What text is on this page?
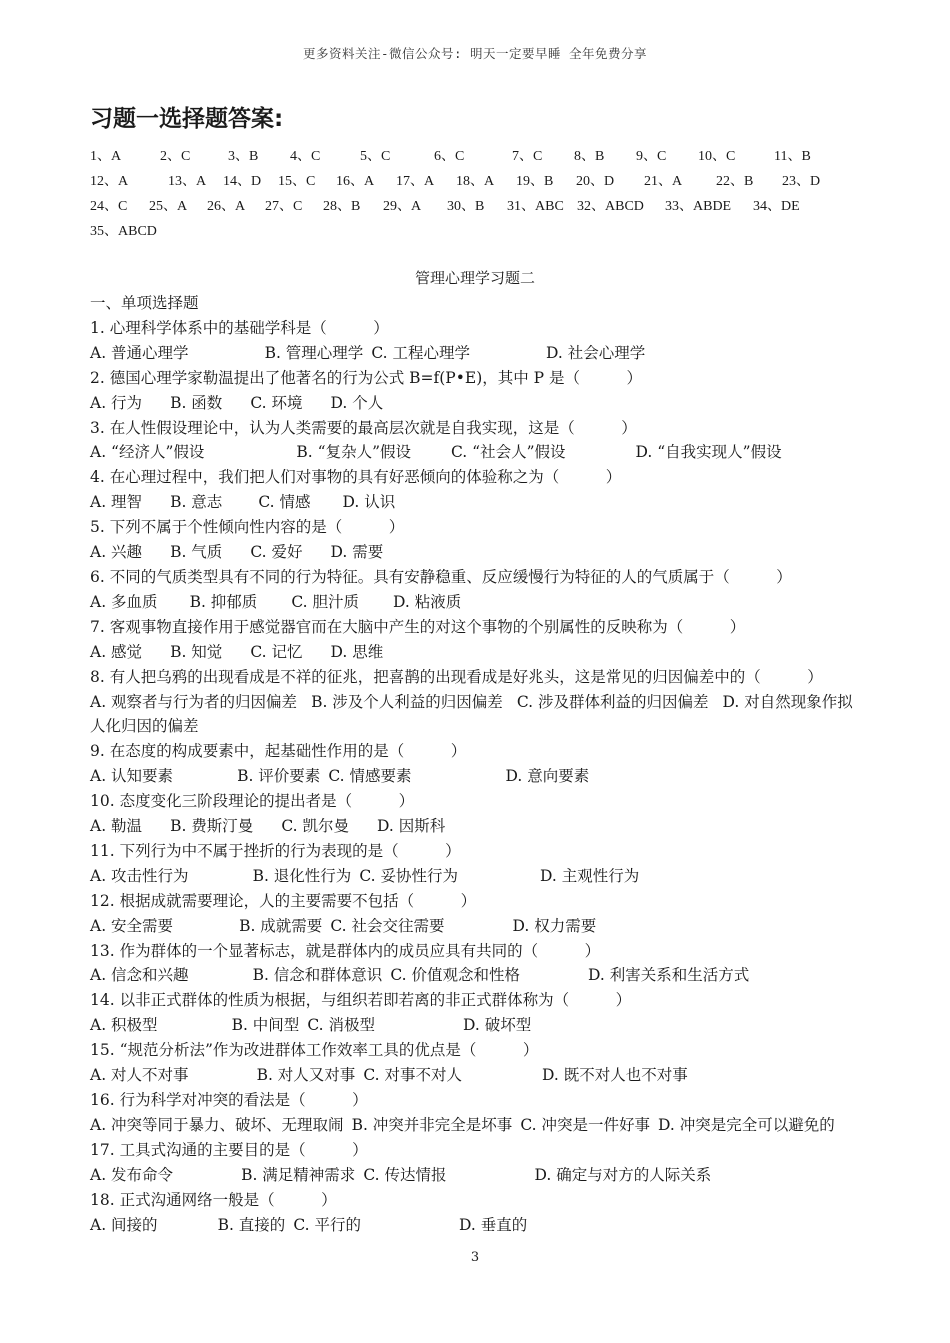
更多资料关注-微信公众号: 明天一定要早睡 全年免费分享
习题一选择题答案:
1、A	2、C	3、B	4、C	5、C	6、C	7、C	8、B	9、C	10、C	11、B
12、A	13、A	14、D	15、C	16、A	17、A	18、A	19、B	20、D	21、A	22、B	23、D
24、C	25、A	26、A	27、C	28、B	29、A	30、B	31、ABC 32、ABCD	33、ABDE	34、DE
35、ABCD
管理心理学习题二
一、单项选择题
1. 心理科学体系中的基础学科是（　　　）
A. 普通心理学	B. 管理心理学 C. 工程心理学	D. 社会心理学
2. 德国心理学家勒温提出了他著名的行为公式 B=f(P•E)，其中 P 是（　　　）
A. 行为 B. 函数 C. 环境 D. 个人
3. 在人性假设理论中，认为人类需要的最高层次就是自我实现，这是（　　　）
A. “经济人”假设	B. “复杂人”假设	C. “社会人”假设	D. “自我实现人”假设
4. 在心理过程中，我们把人们对事物的具有好恶倾向的体验称之为（　　　）
A. 理智 B. 意志 C. 情感 D. 认识
5. 下列不属于个性倾向性内容的是（　　　）
A. 兴趣 B. 气质 C. 爱好 D. 需要
6. 不同的气质类型具有不同的行为特征。具有安静稳重、反应缓慢行为特征的人的气质属于（　　　）
A. 多血质 B. 抑郁质 C. 胆汁质 D. 粘液质
7. 客观事物直接作用于感觉器官而在大脑中产生的对这个事物的个别属性的反映称为（　　　）
A. 感觉 B. 知觉 C. 记忆 D. 思维
8. 有人把乌鸦的出现看成是不祥的征兆，把喜鹊的出现看成是好兆头，这是常见的归因偏差中的（　　　）
A. 观察者与行为者的归因偏差 B. 涉及个人利益的归因偏差 C. 涉及群体利益的归因偏差 D. 对自然现象作拟人化归因的偏差
9. 在态度的构成要素中，起基础性作用的是（　　　）
A. 认知要素	B. 评价要素 C. 情感要素	D. 意向要素
10. 态度变化三阶段理论的提出者是（　　　）
A. 勒温 B. 费斯汀曼 C. 凯尔曼 D. 因斯科
11. 下列行为中不属于挫折的行为表现的是（　　　）
A. 攻击性行为	B. 退化性行为 C. 妥协性行为	D. 主观性行为
12. 根据成就需要理论，人的主要需要不包括（　　　）
A. 安全需要	B. 成就需要 C. 社会交往需要	D. 权力需要
13. 作为群体的一个显著标志，就是群体内的成员应具有共同的（　　　）
A. 信念和兴趣	B. 信念和群体意识 C. 价值观念和性格	D. 利害关系和生活方式
14. 以非正式群体的性质为根据，与组织若即若离的非正式群体称为（　　　）
A. 积极型	B. 中间型 C. 消极型	D. 破坏型
15. “规范分析法”作为改进群体工作效率工具的优点是（　　　）
A. 对人不对事	B. 对人又对事 C. 对事不对人	D. 既不对人也不对事
16. 行为科学对冲突的看法是（　　　）
A. 冲突等同于暴力、破坏、无理取闹 B. 冲突并非完全是坏事 C. 冲突是一件好事 D. 冲突是完全可以避免的
17. 工具式沟通的主要目的是（　　　）
A. 发布命令	B. 满足精神需求 C. 传达情报	D. 确定与对方的人际关系
18. 正式沟通网络一般是（　　　）
A. 间接的	B. 直接的 C. 平行的	D. 垂直的
3
